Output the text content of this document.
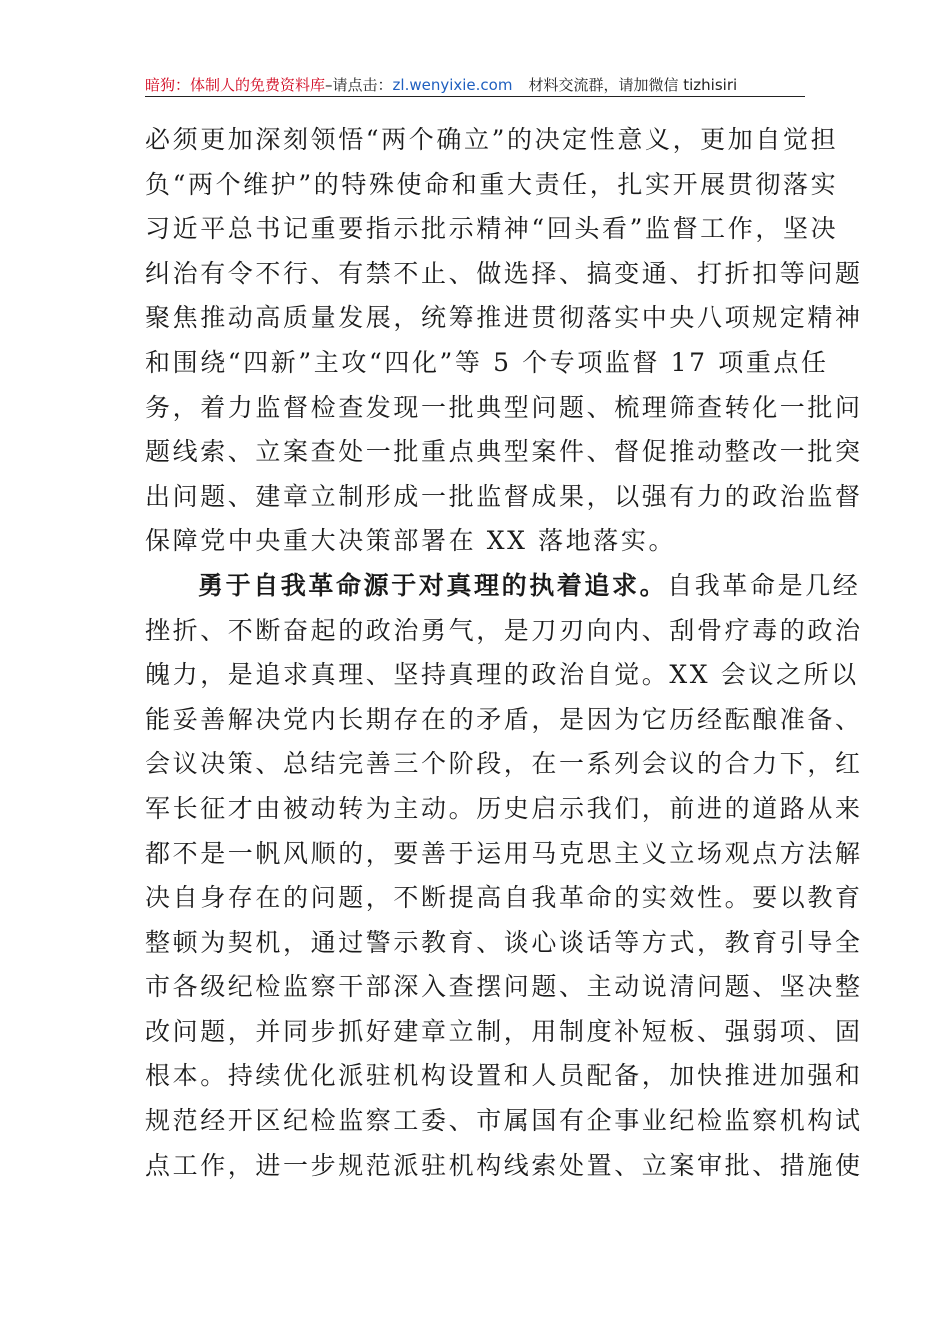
暗狗：体制人的免费资料库 –请点击： zl.wenyixie.com 材料交流群，请加微信 tizhisiri
必须更加深刻领悟“两个确立”的决定性意义，更加自觉担
负“两个维护”的特殊使命和重大责任，扎实开展贯彻落实
习近平总书记重要指示批示精神“回头看”监督工作，坚决
纠治有令不行、有禁不止、做选择、搞变通、打折扣等问题
聚焦推动高质量发展，统筹推进贯彻落实中央八项规定精神
和围绕“四新”主攻“四化”等 5 个专项监督 17 项重点任
务，着力监督检查发现一批典型问题、梳理筛查转化一批问
题线索、立案查处一批重点典型案件、督促推动整改一批突
出问题、建章立制形成一批监督成果，以强有力的政治监督
保障党中央重大决策部署在 XX 落地落实。
勇于自我革命源于对真理的执着追求。自我革命是几经
挫折、不断奋起的政治勇气，是刀刃向内、刮骨疗毒的政治
魄力，是追求真理、坚持真理的政治自觉。XX 会议之所以
能妥善解决党内长期存在的矛盾，是因为它历经酝酿准备、
会议决策、总结完善三个阶段，在一系列会议的合力下，红
军长征才由被动转为主动。历史启示我们，前进的道路从来
都不是一帆风顺的，要善于运用马克思主义立场观点方法解
决自身存在的问题，不断提高自我革命的实效性。要以教育
整顿为契机，通过警示教育、谈心谈话等方式，教育引导全
市各级纪检监察干部深入查摆问题、主动说清问题、坚决整
改问题，并同步抓好建章立制，用制度补短板、强弱项、固
根本。持续优化派驻机构设置和人员配备，加快推进加强和
规范经开区纪检监察工委、市属国有企事业纪检监察机构试
点工作，进一步规范派驻机构线索处置、立案审批、措施使
